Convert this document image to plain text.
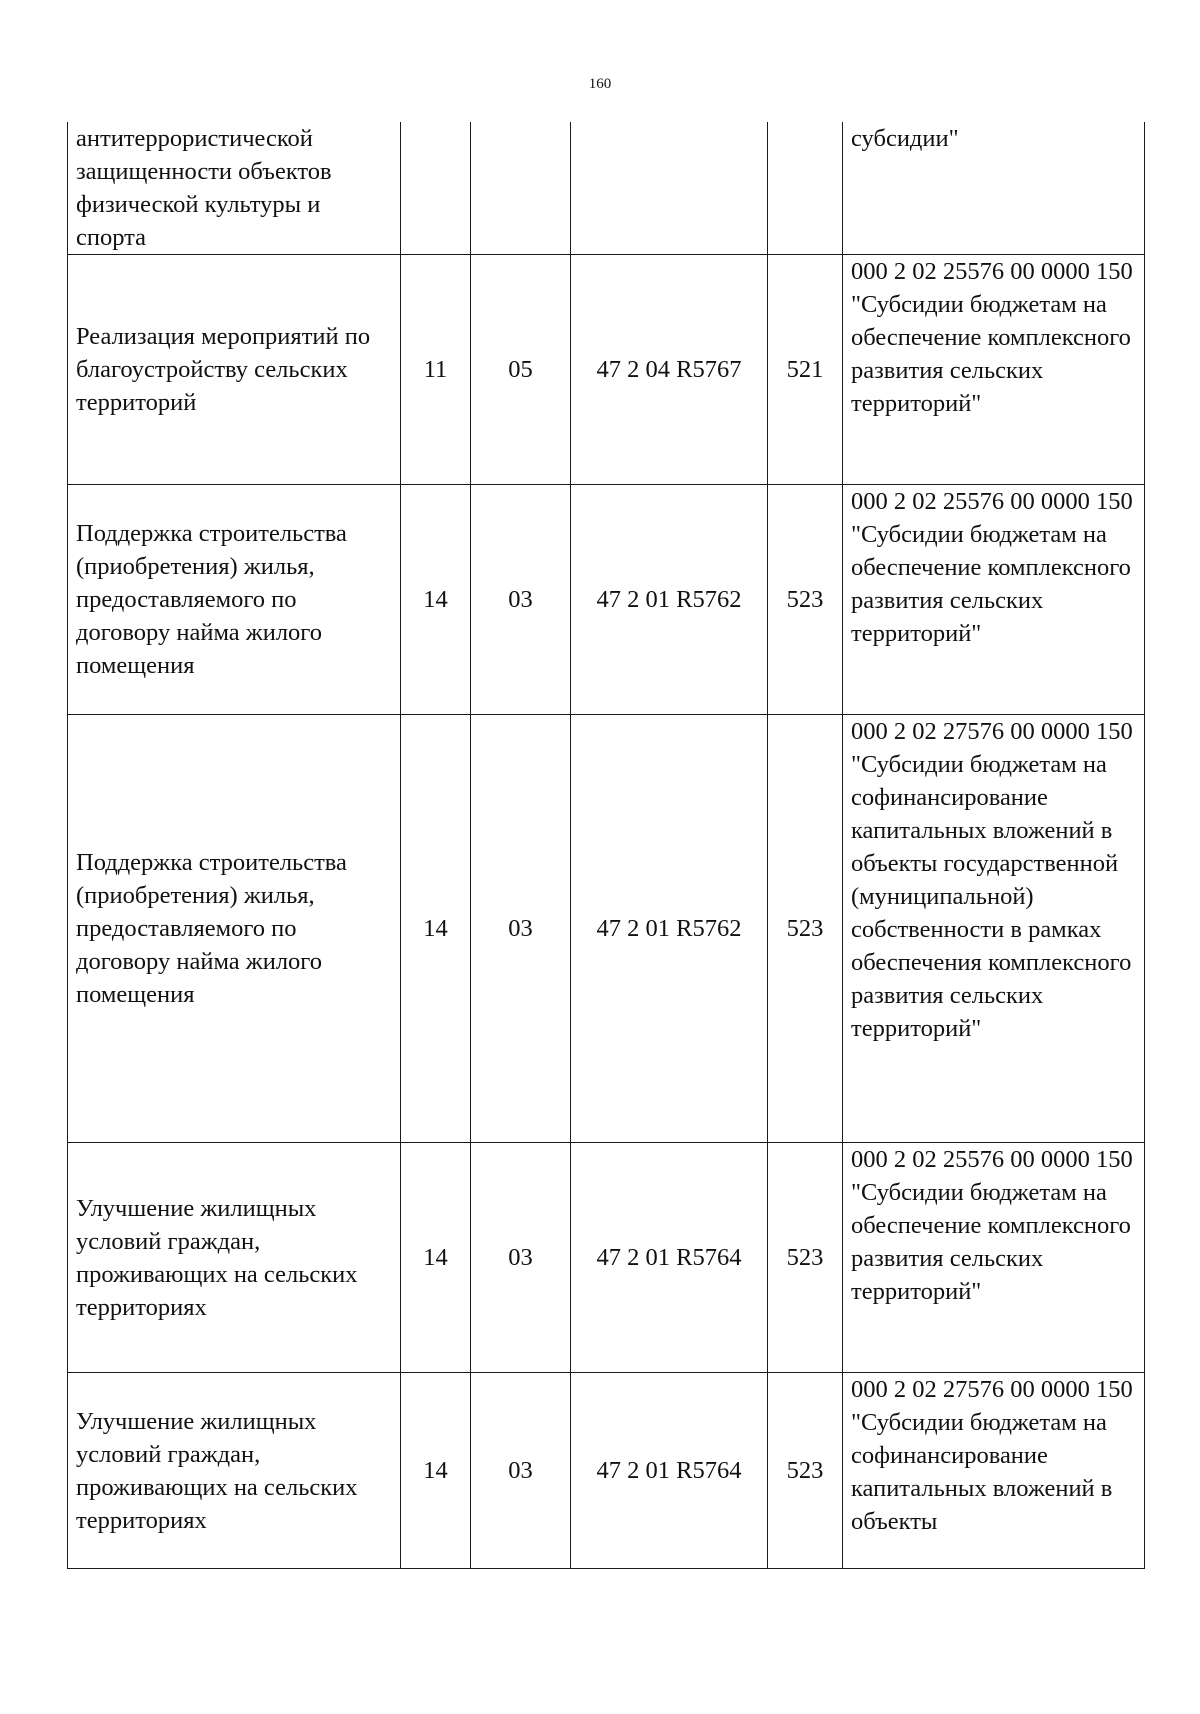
160
антитеррористической защищенности объектов физической культуры и спорта					субсидии"

Реализация мероприятий по благоустройству сельских территорий	11	05	47 2 04 R5767	521	000 2 02 25576 00 0000 150 "Субсидии бюджетам на обеспечение комплексного развития сельских территорий"

Поддержка строительства (приобретения) жилья, предоставляемого по договору найма жилого помещения	14	03	47 2 01 R5762	523	000 2 02 25576 00 0000 150 "Субсидии бюджетам на обеспечение комплексного развития сельских территорий"

Поддержка строительства (приобретения) жилья, предоставляемого по договору найма жилого помещения	14	03	47 2 01 R5762	523	000 2 02 27576 00 0000 150 "Субсидии бюджетам на софинансирование капитальных вложений в объекты государственной (муниципальной) собственности в рамках обеспечения комплексного развития сельских территорий"

Улучшение жилищных условий граждан, проживающих на сельских территориях	14	03	47 2 01 R5764	523	000 2 02 25576 00 0000 150 "Субсидии бюджетам на обеспечение комплексного развития сельских территорий"

Улучшение жилищных условий граждан, проживающих на сельских территориях	14	03	47 2 01 R5764	523	000 2 02 27576 00 0000 150 "Субсидии бюджетам на софинансирование капитальных вложений в объекты
